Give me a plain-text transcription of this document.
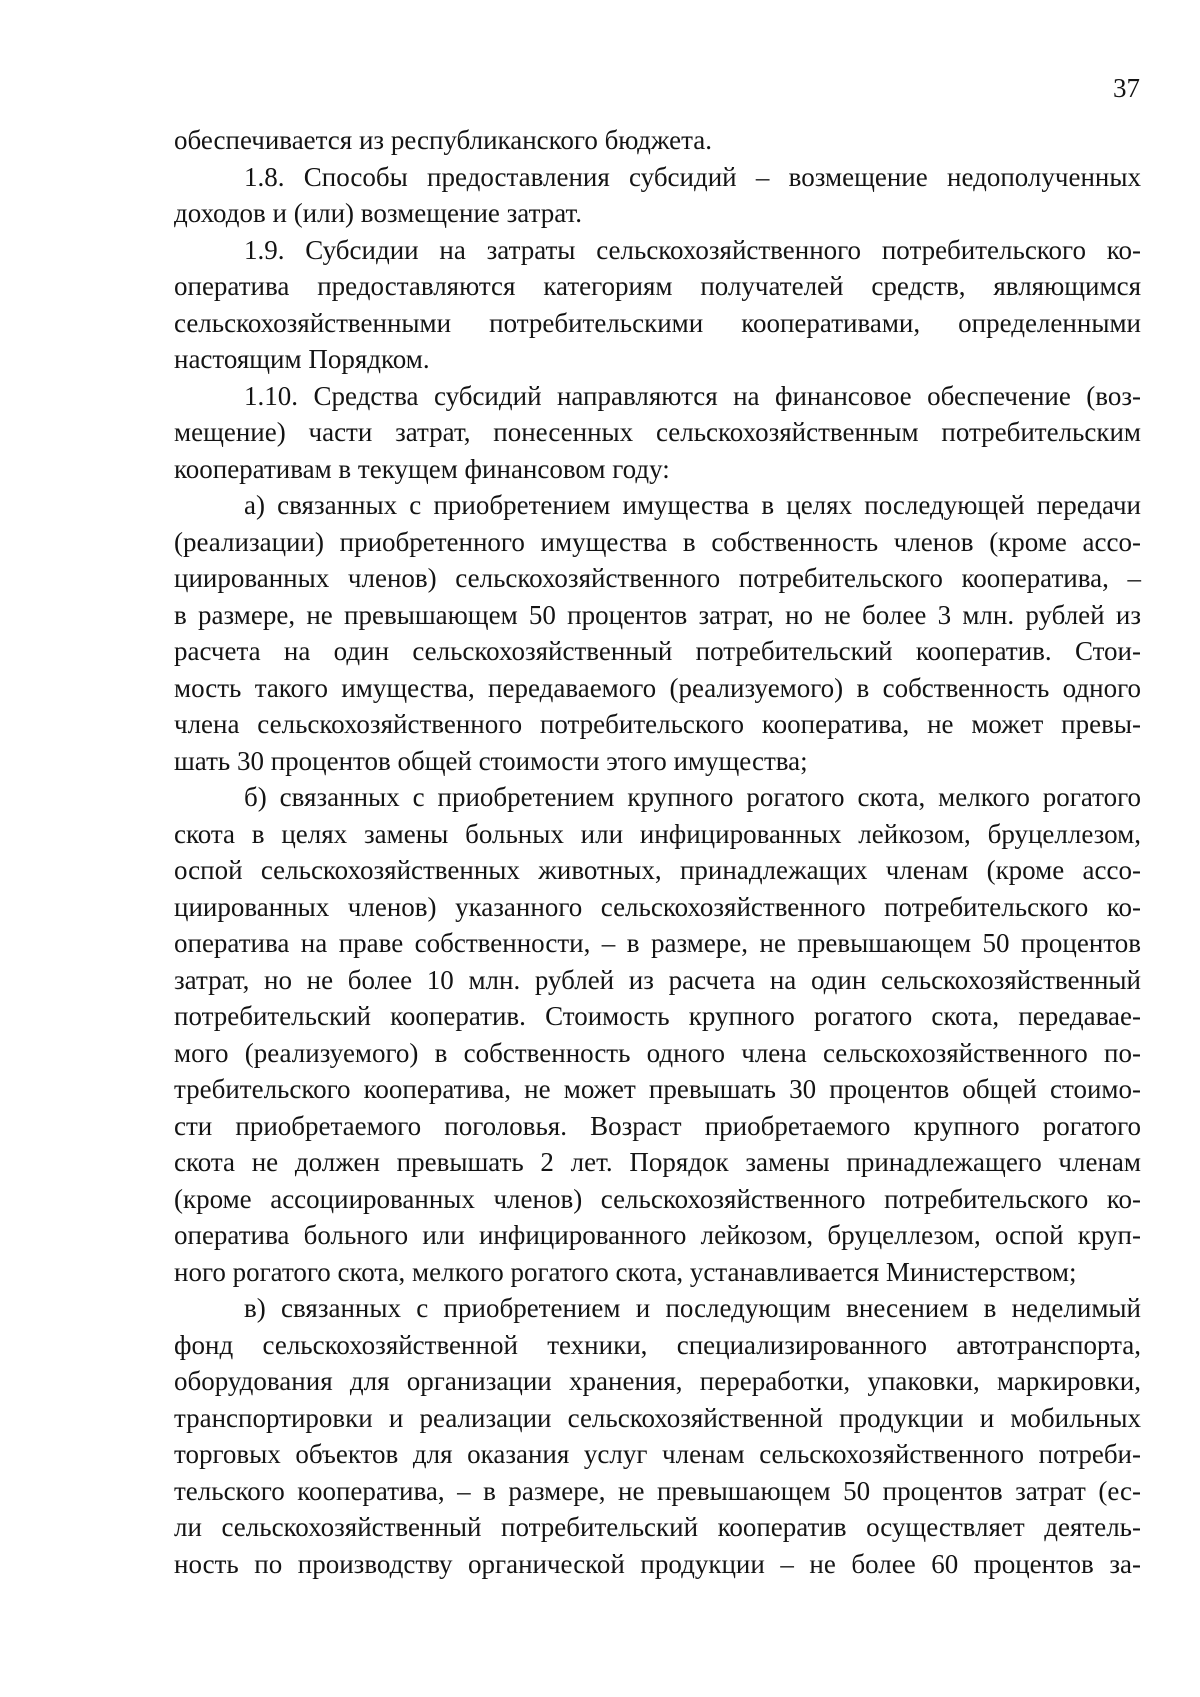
37
обеспечивается из республиканского бюджета.
1.8. Способы предоставления субсидий – возмещение недополученных
доходов и (или) возмещение затрат.
1.9. Субсидии на затраты сельскохозяйственного потребительского ко-
оператива предоставляются категориям получателей средств, являющимся
сельскохозяйственными потребительскими кооперативами, определенными
настоящим Порядком.
1.10. Средства субсидий направляются на финансовое обеспечение (воз-
мещение) части затрат, понесенных сельскохозяйственным потребительским
кооперативам в текущем финансовом году:
а) связанных с приобретением имущества в целях последующей передачи
(реализации) приобретенного имущества в собственность членов (кроме ассо-
циированных членов) сельскохозяйственного потребительского кооператива, –
в размере, не превышающем 50 процентов затрат, но не более 3 млн. рублей из
расчета на один сельскохозяйственный потребительский кооператив. Стои-
мость такого имущества, передаваемого (реализуемого) в собственность одного
члена сельскохозяйственного потребительского кооператива, не может превы-
шать 30 процентов общей стоимости этого имущества;
б) связанных с приобретением крупного рогатого скота, мелкого рогатого
скота в целях замены больных или инфицированных лейкозом, бруцеллезом,
оспой сельскохозяйственных животных, принадлежащих членам (кроме ассо-
циированных членов) указанного сельскохозяйственного потребительского ко-
оператива на праве собственности, – в размере, не превышающем 50 процентов
затрат, но не более 10 млн. рублей из расчета на один сельскохозяйственный
потребительский кооператив. Стоимость крупного рогатого скота, передавае-
мого (реализуемого) в собственность одного члена сельскохозяйственного по-
требительского кооператива, не может превышать 30 процентов общей стоимо-
сти приобретаемого поголовья. Возраст приобретаемого крупного рогатого
скота не должен превышать 2 лет. Порядок замены принадлежащего членам
(кроме ассоциированных членов) сельскохозяйственного потребительского ко-
оператива больного или инфицированного лейкозом, бруцеллезом, оспой круп-
ного рогатого скота, мелкого рогатого скота, устанавливается Министерством;
в) связанных с приобретением и последующим внесением в неделимый
фонд сельскохозяйственной техники, специализированного автотранспорта,
оборудования для организации хранения, переработки, упаковки, маркировки,
транспортировки и реализации сельскохозяйственной продукции и мобильных
торговых объектов для оказания услуг членам сельскохозяйственного потреби-
тельского кооператива, – в размере, не превышающем 50 процентов затрат (ес-
ли сельскохозяйственный потребительский кооператив осуществляет деятель-
ность по производству органической продукции – не более 60 процентов за-
